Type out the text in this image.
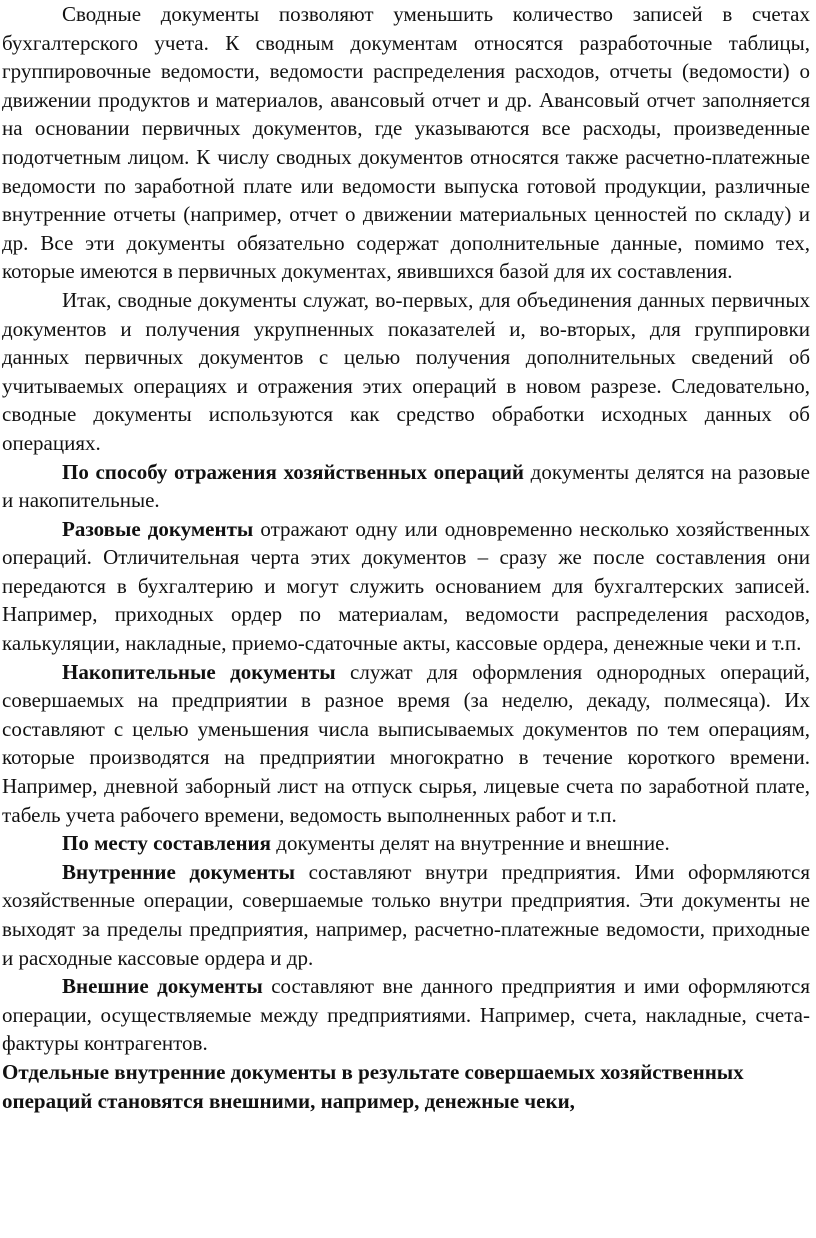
Сводные документы позволяют уменьшить количество записей в счетах бухгалтерского учета. К сводным документам относятся разработочные таблицы, группировочные ведомости, ведомости распределения расходов, отчеты (ведомости) о движении продуктов и материалов, авансовый отчет и др. Авансовый отчет заполняется на основании первичных документов, где указываются все расходы, произведенные подотчетным лицом. К числу сводных документов относятся также расчетно-платежные ведомости по заработной плате или ведомости выпуска готовой продукции, различные внутренние отчеты (например, отчет о движении материальных ценностей по складу) и др. Все эти документы обязательно содержат дополнительные данные, помимо тех, которые имеются в первичных документах, явившихся базой для их составления.

Итак, сводные документы служат, во-первых, для объединения данных первичных документов и получения укрупненных показателей и, во-вторых, для группировки данных первичных документов с целью получения дополнительных сведений об учитываемых операциях и отражения этих операций в новом разрезе. Следовательно, сводные документы используются как средство обработки исходных данных об операциях.

По способу отражения хозяйственных операций документы делятся на разовые и накопительные.

Разовые документы отражают одну или одновременно несколько хозяйственных операций. Отличительная черта этих документов – сразу же после составления они передаются в бухгалтерию и могут служить основанием для бухгалтерских записей. Например, приходных ордер по материалам, ведомости распределения расходов, калькуляции, накладные, приемо-сдаточные акты, кассовые ордера, денежные чеки и т.п.

Накопительные документы служат для оформления однородных операций, совершаемых на предприятии в разное время (за неделю, декаду, полмесяца). Их составляют с целью уменьшения числа выписываемых документов по тем операциям, которые производятся на предприятии многократно в течение короткого времени. Например, дневной заборный лист на отпуск сырья, лицевые счета по заработной плате, табель учета рабочего времени, ведомость выполненных работ и т.п.

По месту составления документы делят на внутренние и внешние.

Внутренние документы составляют внутри предприятия. Ими оформляются хозяйственные операции, совершаемые только внутри предприятия. Эти документы не выходят за пределы предприятия, например, расчетно-платежные ведомости, приходные и расходные кассовые ордера и др.

Внешние документы составляют вне данного предприятия и ими оформляются операции, осуществляемые между предприятиями. Например, счета, накладные, счета-фактуры контрагентов.

Отдельные внутренние документы в результате совершаемых хозяйственных операций становятся внешними, например, денежные чеки,
